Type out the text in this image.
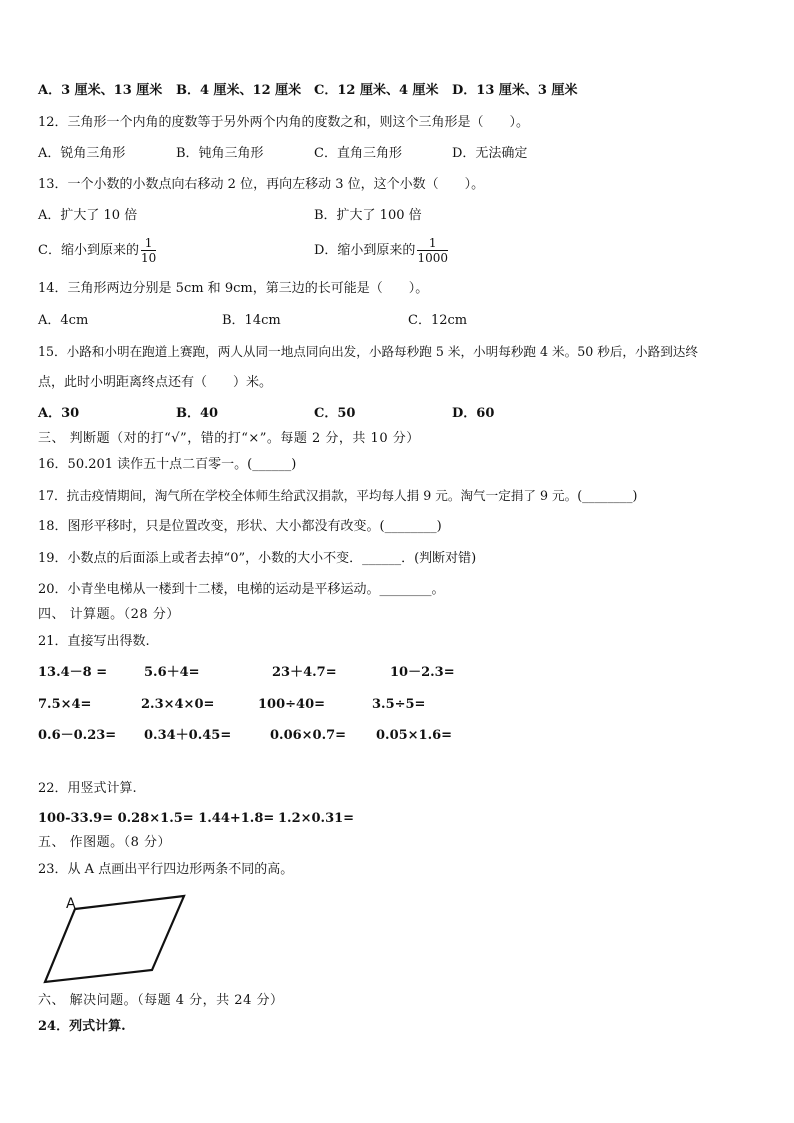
A．3 厘米、13 厘米 B．4 厘米、12 厘米 C．12 厘米、4 厘米 D．13 厘米、3 厘米
12．三角形一个内角的度数等于另外两个内角的度数之和，则这个三角形是（　　）。
A．锐角三角形	B．钝角三角形	C．直角三角形	D．无法确定
13．一个小数的小数点向右移动 2 位，再向左移动 3 位，这个小数（　　）。
A．扩大了 10 倍	B．扩大了 100 倍
C．缩小到原来的 $\frac{1}{10}$	D．缩小到原来的 $\frac{1}{1000}$
14．三角形两边分别是 5cm 和 9cm，第三边的长可能是（　　）。
A．4cm	B．14cm	C．12cm
15．小路和小明在跑道上赛跑，两人从同一地点同向出发，小路每秒跑 5 米，小明每秒跑 4 米。50 秒后，小路到达终
点，此时小明距离终点还有（　　）米。
A．30	B．40	C．50	D．60
三、 判断题（对的打“√”，错的打“×”。每题 2 分，共 10 分）
16．50.201 读作五十点二百零一。(______)
17．抗击疫情期间，淘气所在学校全体师生给武汉捐款，平均每人捐 9 元。淘气一定捐了 9 元。(________)
18．图形平移时，只是位置改变，形状、大小都没有改变。(________)
19．小数点的后面添上或者去掉“0”，小数的大小不变．______．(判断对错)
20．小青坐电梯从一楼到十二楼，电梯的运动是平移运动。________。
四、 计算题。（28 分）
21．直接写出得数.
13.4－8 =	5.6＋4=	23＋4.7=	10－2.3=
7.5×4=	2.3×4×0=	100÷40=	3.5÷5=
0.6－0.23= 0.34＋0.45=	0.06×0.7= 0.05×1.6=
22．用竖式计算.
100-33.9= 0.28×1.5= 1.44+1.8= 1.2×0.31=
五、 作图题。（8 分）
23．从 A 点画出平行四边形两条不同的高。
A
六、 解决问题。（每题 4 分，共 24 分）
24．列式计算.
